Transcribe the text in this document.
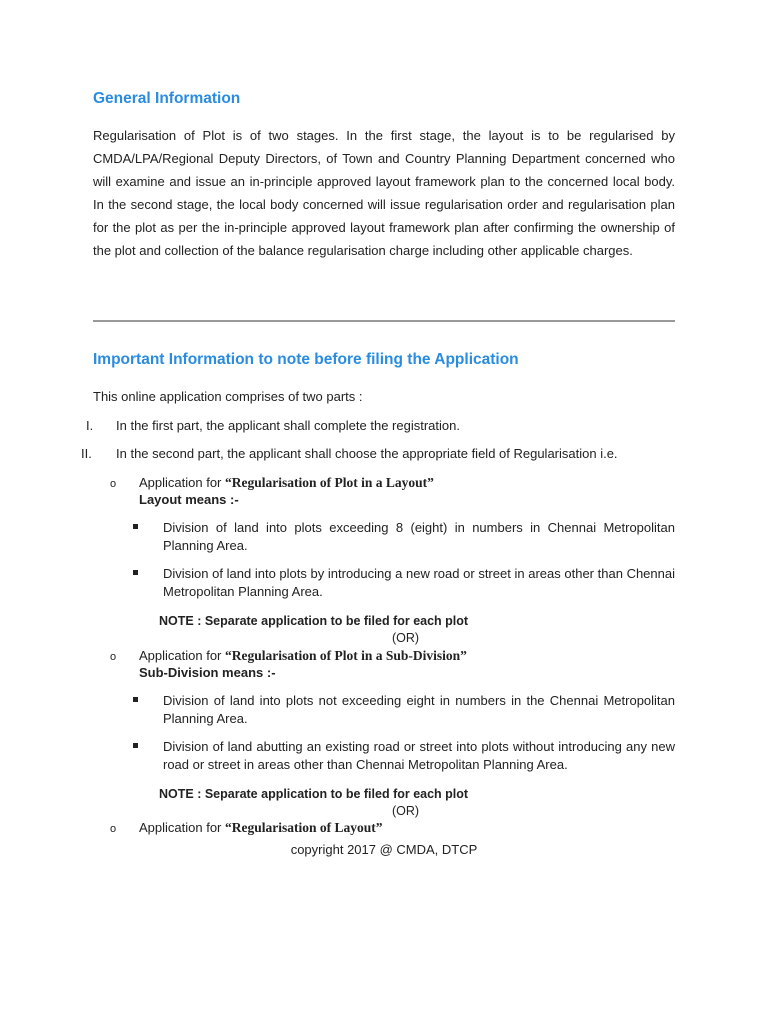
General Information

Regularisation of Plot is of two stages. In the first stage, the layout is to be regularised by CMDA/LPA/Regional Deputy Directors, of Town and Country Planning Department concerned who will examine and issue an in-principle approved layout framework plan to the concerned local body. In the second stage, the local body concerned will issue regularisation order and regularisation plan for the plot as per the in-principle approved layout framework plan after confirming the ownership of the plot and collection of the balance regularisation charge including other applicable charges.

Important Information to note before filing the Application

This online application comprises of two parts :

I. In the first part, the applicant shall complete the registration.

II. In the second part, the applicant shall choose the appropriate field of Regularisation i.e.

o Application for “Regularisation of Plot in a Layout”

Layout means :-

Division of land into plots exceeding 8 (eight) in numbers in Chennai Metropolitan Planning Area.

Division of land into plots by introducing a new road or street in areas other than Chennai Metropolitan Planning Area.

NOTE : Separate application to be filed for each plot
(OR)
o Application for “Regularisation of Plot in a Sub-Division”

Sub-Division means :-

Division of land into plots not exceeding eight in numbers in the Chennai Metropolitan Planning Area.

Division of land abutting an existing road or street into plots without introducing any new road or street in areas other than Chennai Metropolitan Planning Area.

NOTE : Separate application to be filed for each plot
(OR)
o Application for “Regularisation of Layout”

copyright 2017 @ CMDA, DTCP
